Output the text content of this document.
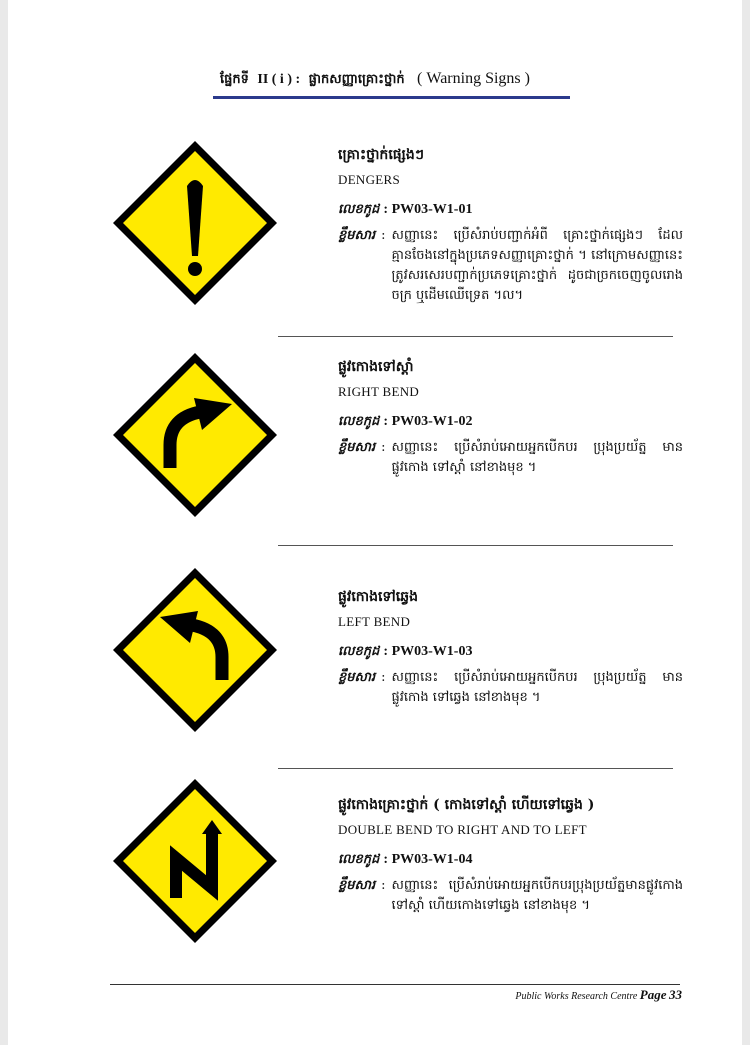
ផ្នែកទី II ( i ) : ផ្លាកសញ្ញាគ្រោះថ្នាក់ ( Warning Signs )
គ្រោះថ្នាក់ផ្សេងៗ
DENGERS
លេខកូដ : PW03-W1-01
ខ្លឹមសារ : សញ្ញានេះ ប្រើសំរាប់បញ្ជាក់អំពី គ្រោះថ្នាក់ផ្សេងៗ ដែលគ្មានចែងនៅក្នុងប្រភេទសញ្ញាគ្រោះថ្នាក់ ។ នៅក្រោមសញ្ញានេះត្រូវសរសេរបញ្ជាក់ប្រភេទគ្រោះថ្នាក់ ដូចជាច្រកចេញចូលរោងចក្រ ឬដើមឈើទ្រេត ។ល។
ផ្លូវកោងទៅស្តាំ
RIGHT BEND
លេខកូដ : PW03-W1-02
ខ្លឹមសារ : សញ្ញានេះ ប្រើសំរាប់អោយអ្នកបើកបរ ប្រុងប្រយ័ត្ន មានផ្លូវកោង ទៅស្តាំ នៅខាងមុខ ។
ផ្លូវកោងទៅឆ្វេង
LEFT BEND
លេខកូដ : PW03-W1-03
ខ្លឹមសារ : សញ្ញានេះ ប្រើសំរាប់អោយអ្នកបើកបរ ប្រុងប្រយ័ត្ន មានផ្លូវកោង ទៅឆ្វេង នៅខាងមុខ ។
ផ្លូវកោងគ្រោះថ្នាក់ ( កោងទៅស្តាំ ហើយទៅឆ្វេង )
DOUBLE BEND TO RIGHT AND TO LEFT
លេខកូដ : PW03-W1-04
ខ្លឹមសារ : សញ្ញានេះ ប្រើសំរាប់អោយអ្នកបើកបរប្រុងប្រយ័ត្នមានផ្លូវកោងទៅស្តាំ ហើយកោងទៅឆ្វេង នៅខាងមុខ ។
Public Works Research Centre Page 33
